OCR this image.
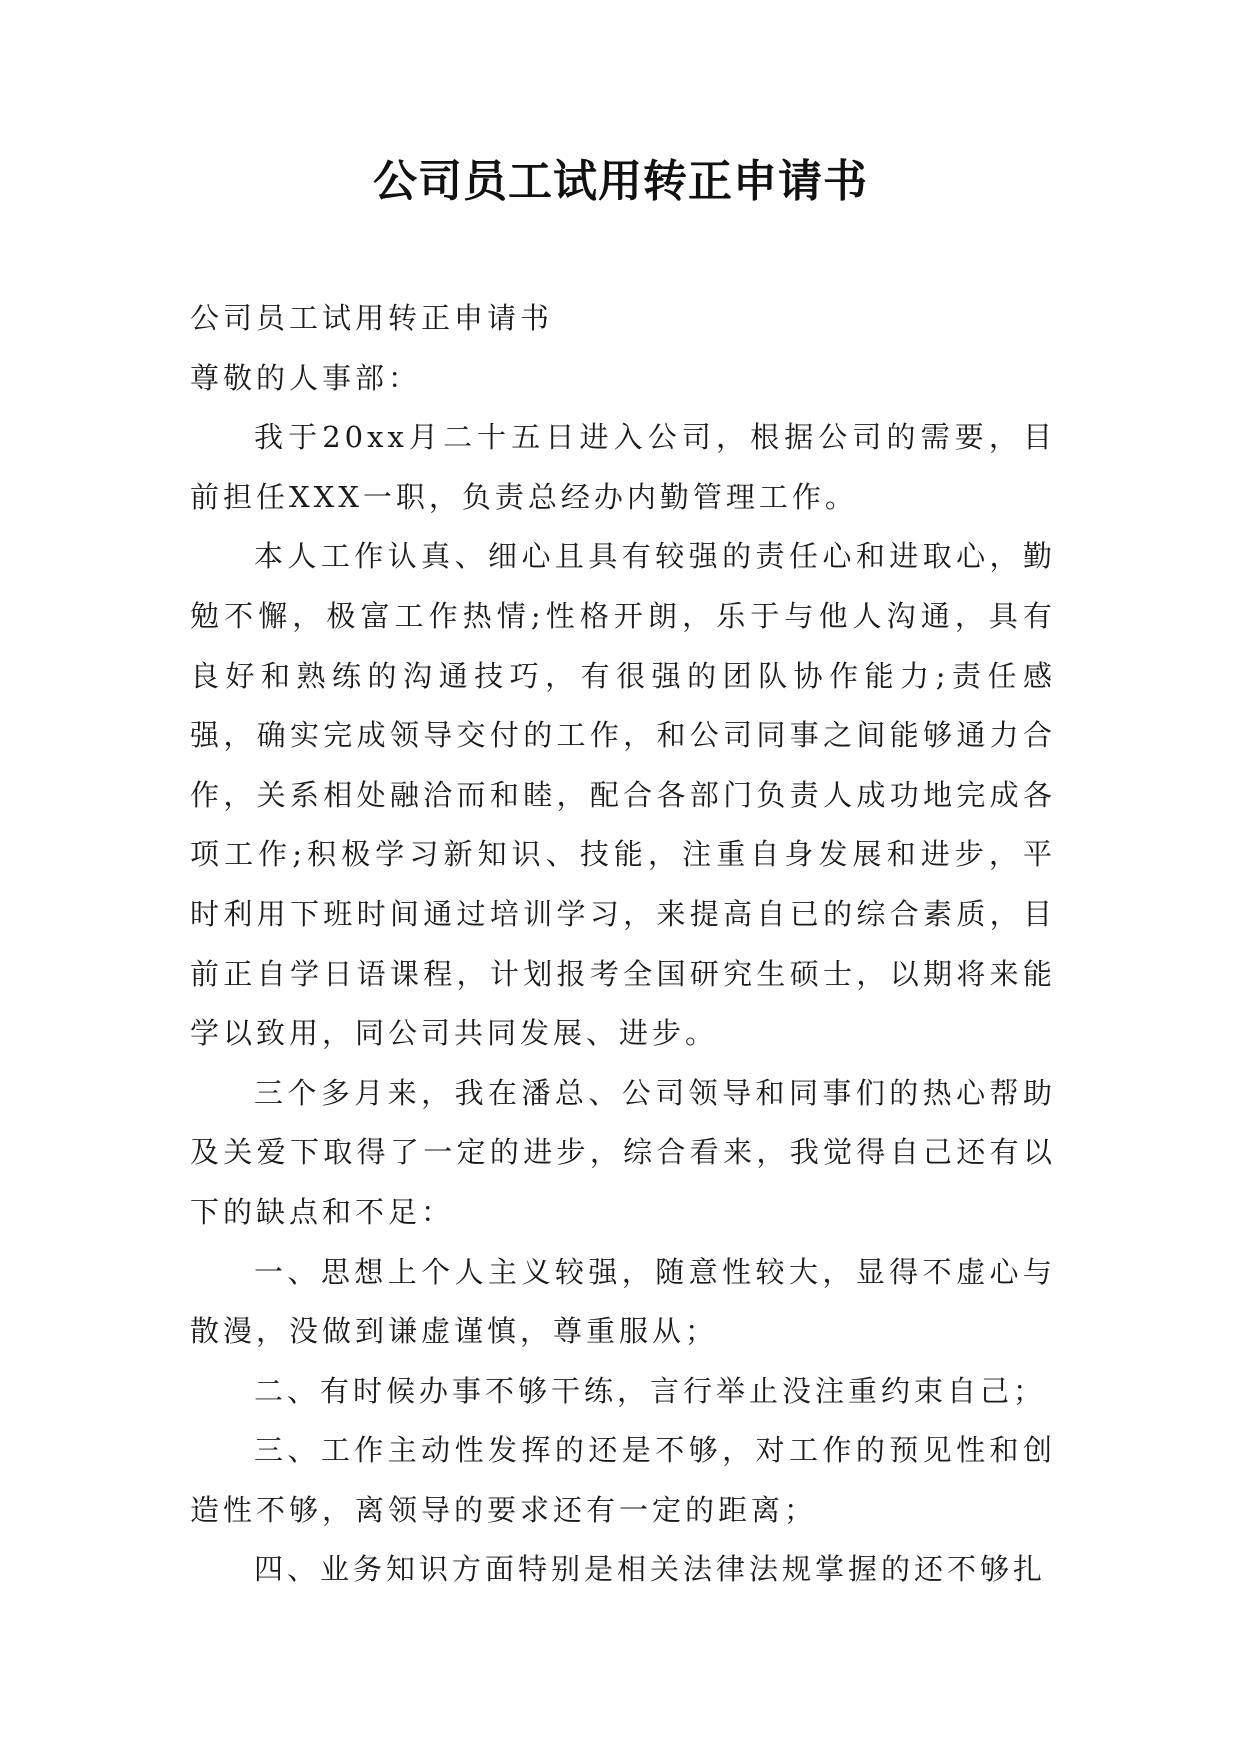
公司员工试用转正申请书

公司员工试用转正申请书

尊敬的人事部：

我于20xx月二十五日进入公司，根据公司的需要，目前担任XXX一职，负责总经办内勤管理工作。

本人工作认真、细心且具有较强的责任心和进取心，勤勉不懈，极富工作热情;性格开朗，乐于与他人沟通，具有良好和熟练的沟通技巧，有很强的团队协作能力;责任感强，确实完成领导交付的工作，和公司同事之间能够通力合作，关系相处融洽而和睦，配合各部门负责人成功地完成各项工作;积极学习新知识、技能，注重自身发展和进步，平时利用下班时间通过培训学习，来提高自已的综合素质，目前正自学日语课程，计划报考全国研究生硕士，以期将来能学以致用，同公司共同发展、进步。

三个多月来，我在潘总、公司领导和同事们的热心帮助及关爱下取得了一定的进步，综合看来，我觉得自己还有以下的缺点和不足：

一、思想上个人主义较强，随意性较大，显得不虚心与散漫，没做到谦虚谨慎，尊重服从；

二、有时候办事不够干练，言行举止没注重约束自己；

三、工作主动性发挥的还是不够，对工作的预见性和创造性不够，离领导的要求还有一定的距离；

四、业务知识方面特别是相关法律法规掌握的还不够扎
